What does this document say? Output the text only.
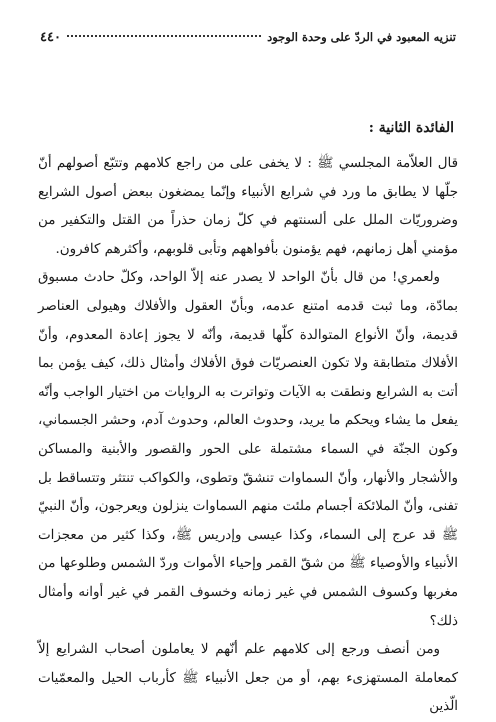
تنزيه المعبود في الردّ على وحدة الوجود
٤٤٠
الفائدة الثانية :

قال العلاّمة المجلسي ﷺ : لا يخفى على من راجع كلامهم وتتبّع أصولهم أنّ جلّها لا يطابق ما ورد في شرايع الأنبياء وإنّما يمضغون ببعض أصول الشرايع وضروريّات الملل على ألسنتهم في كلّ زمان حذراً من القتل والتكفير من مؤمني أهل زمانهم، فهم يؤمنون بأفواههم وتأبى قلوبهم، وأكثرهم كافرون.

ولعمري! من قال بأنّ الواحد لا يصدر عنه إلاّ الواحد، وكلّ حادث مسبوق بمادّة، وما ثبت قدمه امتنع عدمه، وبأنّ العقول والأفلاك وهيولى العناصر قديمة، وأنّ الأنواع المتوالدة كلّها قديمة، وأنّه لا يجوز إعادة المعدوم، وأنّ الأفلاك متطابقة ولا تكون العنصريّات فوق الأفلاك وأمثال ذلك، كيف يؤمن بما أتت به الشرايع ونطقت به الآيات وتواترت به الروايات من اختيار الواجب وأنّه يفعل ما يشاء ويحكم ما يريد، وحدوث العالم، وحدوث آدم، وحشر الجسماني، وكون الجنّة في السماء مشتملة على الحور والقصور والأبنية والمساكن والأشجار والأنهار، وأنّ السماوات تنشقّ وتطوى، والكواكب تنتثر وتتساقط بل تفنى، وأنّ الملائكة أجسام ملئت منهم السماوات ينزلون ويعرجون، وأنّ النبيّ ﷺ قد عرج إلى السماء، وكذا عيسى وإدريس ﷺ، وكذا كثير من معجزات الأنبياء والأوصياء ﷺ من شقّ القمر وإحياء الأموات وردّ الشمس وطلوعها من مغربها وكسوف الشمس في غير زمانه وخسوف القمر في غير أوانه وأمثال ذلك؟

ومن أنصف ورجع إلى كلامهم علم أنّهم لا يعاملون أصحاب الشرايع إلاّ كمعاملة المستهزىء بهم، أو من جعل الأنبياء ﷺ كأرباب الحيل والمعمّيات الّذين
